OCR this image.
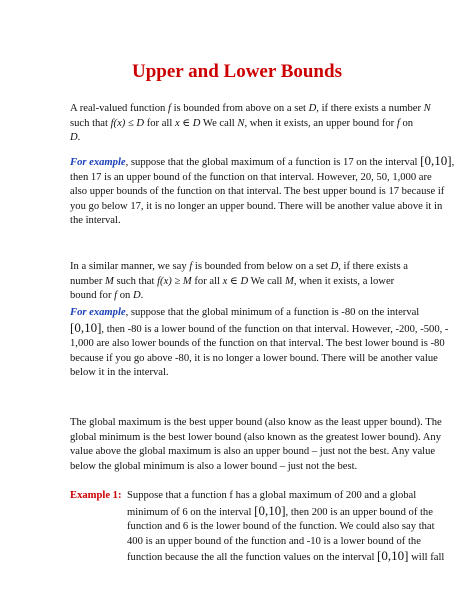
Upper and Lower Bounds

A real-valued function f is bounded from above on a set D, if there exists a number N
such that f(x) ≤ D for all x ∈ D We call N, when it exists, an upper bound for f on
D.

For example, suppose that the global maximum of a function is 17 on the interval [0,10],
then 17 is an upper bound of the function on that interval. However, 20, 50, 1,000 are
also upper bounds of the function on that interval. The best upper bound is 17 because if
you go below 17, it is no longer an upper bound. There will be another value above it in
the interval.

In a similar manner, we say f is bounded from below on a set D, if there exists a
number M such that f(x) ≥ M for all x ∈ D We call M, when it exists, a lower
bound for f on D.

For example, suppose that the global minimum of a function is -80 on the interval
[0,10], then -80 is a lower bound of the function on that interval. However, -200, -500, -
1,000 are also lower bounds of the function on that interval. The best lower bound is -80
because if you go above -80, it is no longer a lower bound. There will be another value
below it in the interval.

The global maximum is the best upper bound (also know as the least upper bound). The
global minimum is the best lower bound (also known as the greatest lower bound). Any
value above the global maximum is also an upper bound – just not the best. Any value
below the global minimum is also a lower bound – just not the best.

Example 1: Suppose that a function f has a global maximum of 200 and a global
minimum of 6 on the interval [0,10], then 200 is an upper bound of the
function and 6 is the lower bound of the function. We could also say that
400 is an upper bound of the function and -10 is a lower bound of the
function because the all the function values on the interval [0,10] will fall
